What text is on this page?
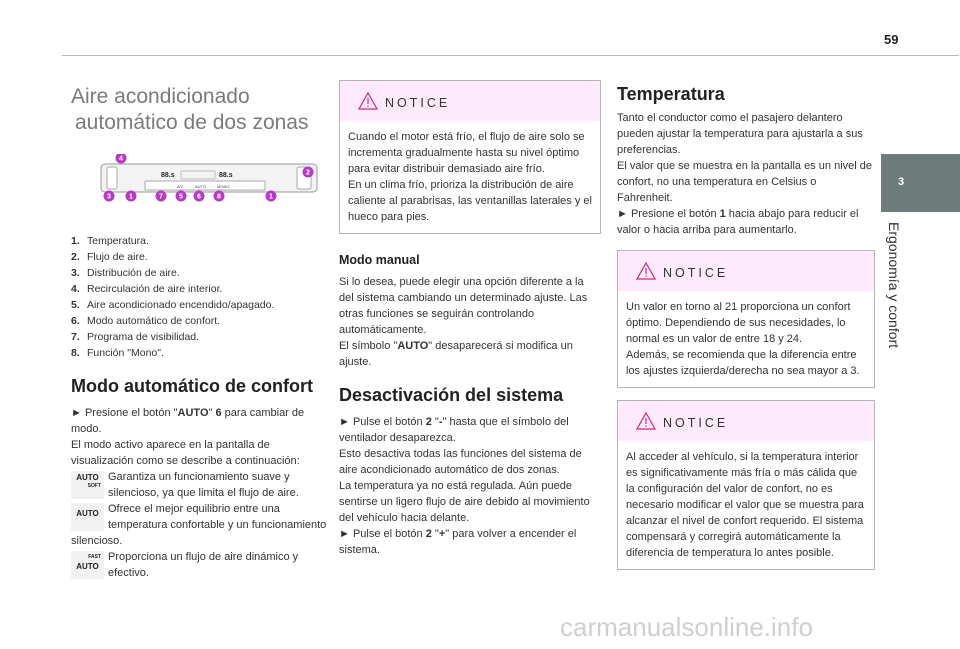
59
3
Ergonomía y confort
Aire acondicionado
automático de dos zonas
88.s	88.s
A/C	AUTO	MONO
4
2
3	1	7 5 6 8	1
1. Temperatura.
2. Flujo de aire.
3. Distribución de aire.
4. Recirculación de aire interior.
5. Aire acondicionado encendido/apagado.
6. Modo automático de confort.
7. Programa de visibilidad.
8. Función "Mono".
Modo automático de confort

► Presione el botón "AUTO" 6 para cambiar de modo.

El modo activo aparece en la pantalla de visualización como se describe a continuación:

AUTO
SOFT
Garantiza un funcionamiento suave y silencioso, ya que limita el flujo de aire.
AUTO Ofrece el mejor equilibrio entre una temperatura confortable y un funcionamiento silencioso.
FAST
AUTO
Proporciona un flujo de aire dinámico y efectivo.
NOTICE
Cuando el motor está frío, el flujo de aire solo se incrementa gradualmente hasta su nivel óptimo para evitar distribuir demasiado aire frío.
En un clima frío, prioriza la distribución de aire caliente al parabrisas, las ventanillas laterales y el hueco para pies.
Modo manual

Si lo desea, puede elegir una opción diferente a la del sistema cambiando un determinado ajuste. Las otras funciones se seguirán controlando automáticamente.

El símbolo "AUTO" desaparecerá si modifica un ajuste.

Desactivación del sistema

► Pulse el botón 2 "-" hasta que el símbolo del ventilador desaparezca.

Esto desactiva todas las funciones del sistema de aire acondicionado automático de dos zonas.

La temperatura ya no está regulada. Aún puede sentirse un ligero flujo de aire debido al movimiento del vehículo hacia delante.

► Pulse el botón 2 "+" para volver a encender el sistema.

Temperatura

Tanto el conductor como el pasajero delantero pueden ajustar la temperatura para ajustarla a sus preferencias.

El valor que se muestra en la pantalla es un nivel de confort, no una temperatura en Celsius o Fahrenheit.

► Presione el botón 1 hacia abajo para reducir el valor o hacia arriba para aumentarlo.

NOTICE
Un valor en torno al 21 proporciona un confort óptimo. Dependiendo de sus necesidades, lo normal es un valor de entre 18 y 24.
Además, se recomienda que la diferencia entre los ajustes izquierda/derecha no sea mayor a 3.
NOTICE
Al acceder al vehículo, si la temperatura interior es significativamente más fría o más cálida que la configuración del valor de confort, no es necesario modificar el valor que se muestra para alcanzar el nivel de confort requerido. El sistema compensará y corregirá automáticamente la diferencia de temperatura lo antes posible.
carmanualsonline.info
